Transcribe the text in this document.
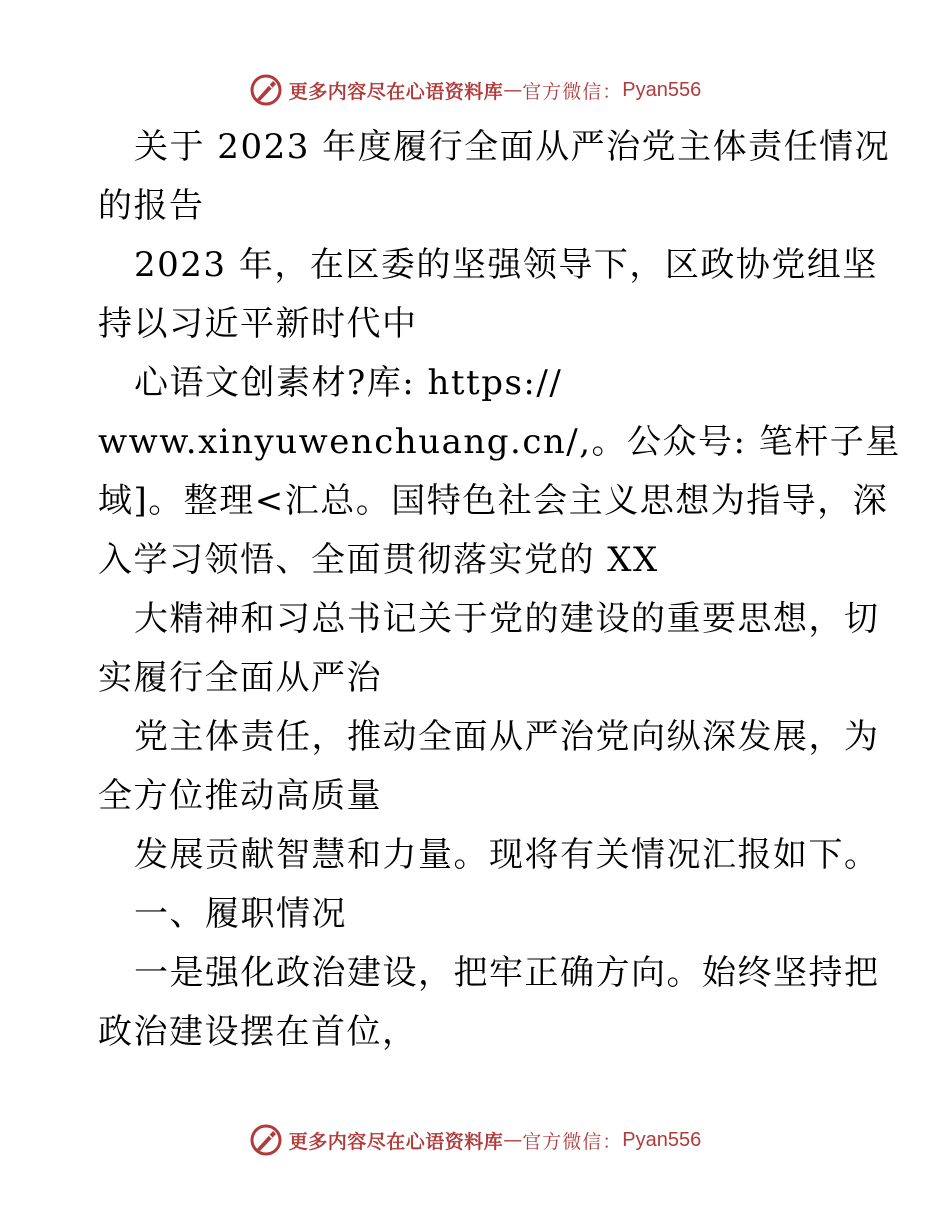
更多内容尽在心语资料库 — 官方微信： Pyan556

关于 2023 年度履行全面从严治党主体责任情况

的报告

2023 年，在区委的坚强领导下，区政协党组坚

持以习近平新时代中

心语文创素材?库: https://

www.xinyuwenchuang.cn/,。公众号: 笔杆子星

域]。整理<汇总。国特色社会主义思想为指导，深

入学习领悟、全面贯彻落实党的 XX

大精神和习总书记关于党的建设的重要思想，切

实履行全面从严治

党主体责任，推动全面从严治党向纵深发展，为

全方位推动高质量

发展贡献智慧和力量。现将有关情况汇报如下。

一、履职情况

一是强化政治建设，把牢正确方向。始终坚持把

政治建设摆在首位，

更多内容尽在心语资料库 — 官方微信： Pyan556
